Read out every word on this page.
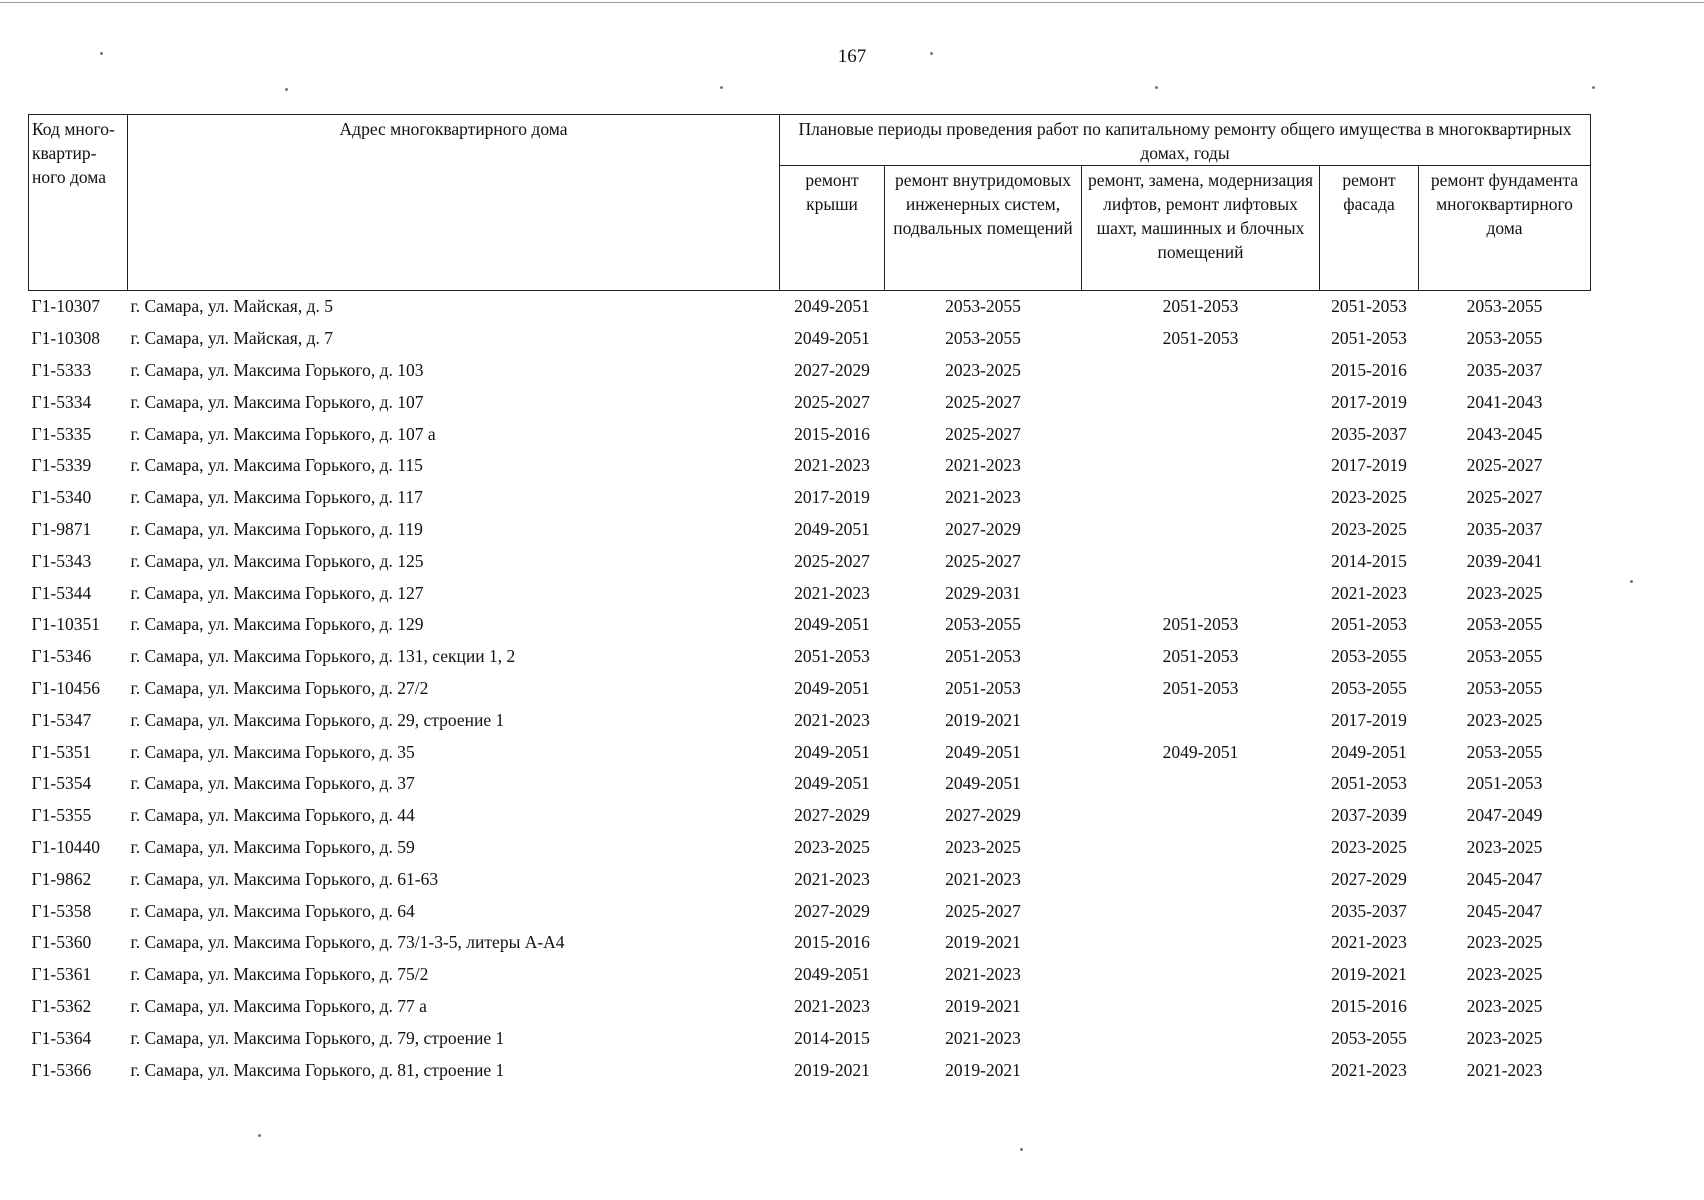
167
Код много-квартир-ного дома	Адрес многоквартирного дома	Плановые периоды проведения работ по капитальному ремонту общего имущества в многоквартирных домах, годы				
		ремонт крыши	ремонт внутридомовых инженерных систем, подвальных помещений	ремонт, замена, модернизация лифтов, ремонт лифтовых шахт, машинных и блочных помещений	ремонт фасада	ремонт фундамента многоквартирного дома
Г1-10307	г. Самара, ул. Майская, д. 5	2049-2051	2053-2055	2051-2053	2051-2053	2053-2055
Г1-10308	г. Самара, ул. Майская, д. 7	2049-2051	2053-2055	2051-2053	2051-2053	2053-2055
Г1-5333	г. Самара, ул. Максима Горького, д. 103	2027-2029	2023-2025		2015-2016	2035-2037
Г1-5334	г. Самара, ул. Максима Горького, д. 107	2025-2027	2025-2027		2017-2019	2041-2043
Г1-5335	г. Самара, ул. Максима Горького, д. 107 а	2015-2016	2025-2027		2035-2037	2043-2045
Г1-5339	г. Самара, ул. Максима Горького, д. 115	2021-2023	2021-2023		2017-2019	2025-2027
Г1-5340	г. Самара, ул. Максима Горького, д. 117	2017-2019	2021-2023		2023-2025	2025-2027
Г1-9871	г. Самара, ул. Максима Горького, д. 119	2049-2051	2027-2029		2023-2025	2035-2037
Г1-5343	г. Самара, ул. Максима Горького, д. 125	2025-2027	2025-2027		2014-2015	2039-2041
Г1-5344	г. Самара, ул. Максима Горького, д. 127	2021-2023	2029-2031		2021-2023	2023-2025
Г1-10351	г. Самара, ул. Максима Горького, д. 129	2049-2051	2053-2055	2051-2053	2051-2053	2053-2055
Г1-5346	г. Самара, ул. Максима Горького, д. 131, секции 1, 2	2051-2053	2051-2053	2051-2053	2053-2055	2053-2055
Г1-10456	г. Самара, ул. Максима Горького, д. 27/2	2049-2051	2051-2053	2051-2053	2053-2055	2053-2055
Г1-5347	г. Самара, ул. Максима Горького, д. 29, строение 1	2021-2023	2019-2021		2017-2019	2023-2025
Г1-5351	г. Самара, ул. Максима Горького, д. 35	2049-2051	2049-2051	2049-2051	2049-2051	2053-2055
Г1-5354	г. Самара, ул. Максима Горького, д. 37	2049-2051	2049-2051		2051-2053	2051-2053
Г1-5355	г. Самара, ул. Максима Горького, д. 44	2027-2029	2027-2029		2037-2039	2047-2049
Г1-10440	г. Самара, ул. Максима Горького, д. 59	2023-2025	2023-2025		2023-2025	2023-2025
Г1-9862	г. Самара, ул. Максима Горького, д. 61-63	2021-2023	2021-2023		2027-2029	2045-2047
Г1-5358	г. Самара, ул. Максима Горького, д. 64	2027-2029	2025-2027		2035-2037	2045-2047
Г1-5360	г. Самара, ул. Максима Горького, д. 73/1-3-5, литеры А-А4	2015-2016	2019-2021		2021-2023	2023-2025
Г1-5361	г. Самара, ул. Максима Горького, д. 75/2	2049-2051	2021-2023		2019-2021	2023-2025
Г1-5362	г. Самара, ул. Максима Горького, д. 77 а	2021-2023	2019-2021		2015-2016	2023-2025
Г1-5364	г. Самара, ул. Максима Горького, д. 79, строение 1	2014-2015	2021-2023		2053-2055	2023-2025
Г1-5366	г. Самара, ул. Максима Горького, д. 81, строение 1	2019-2021	2019-2021		2021-2023	2021-2023
